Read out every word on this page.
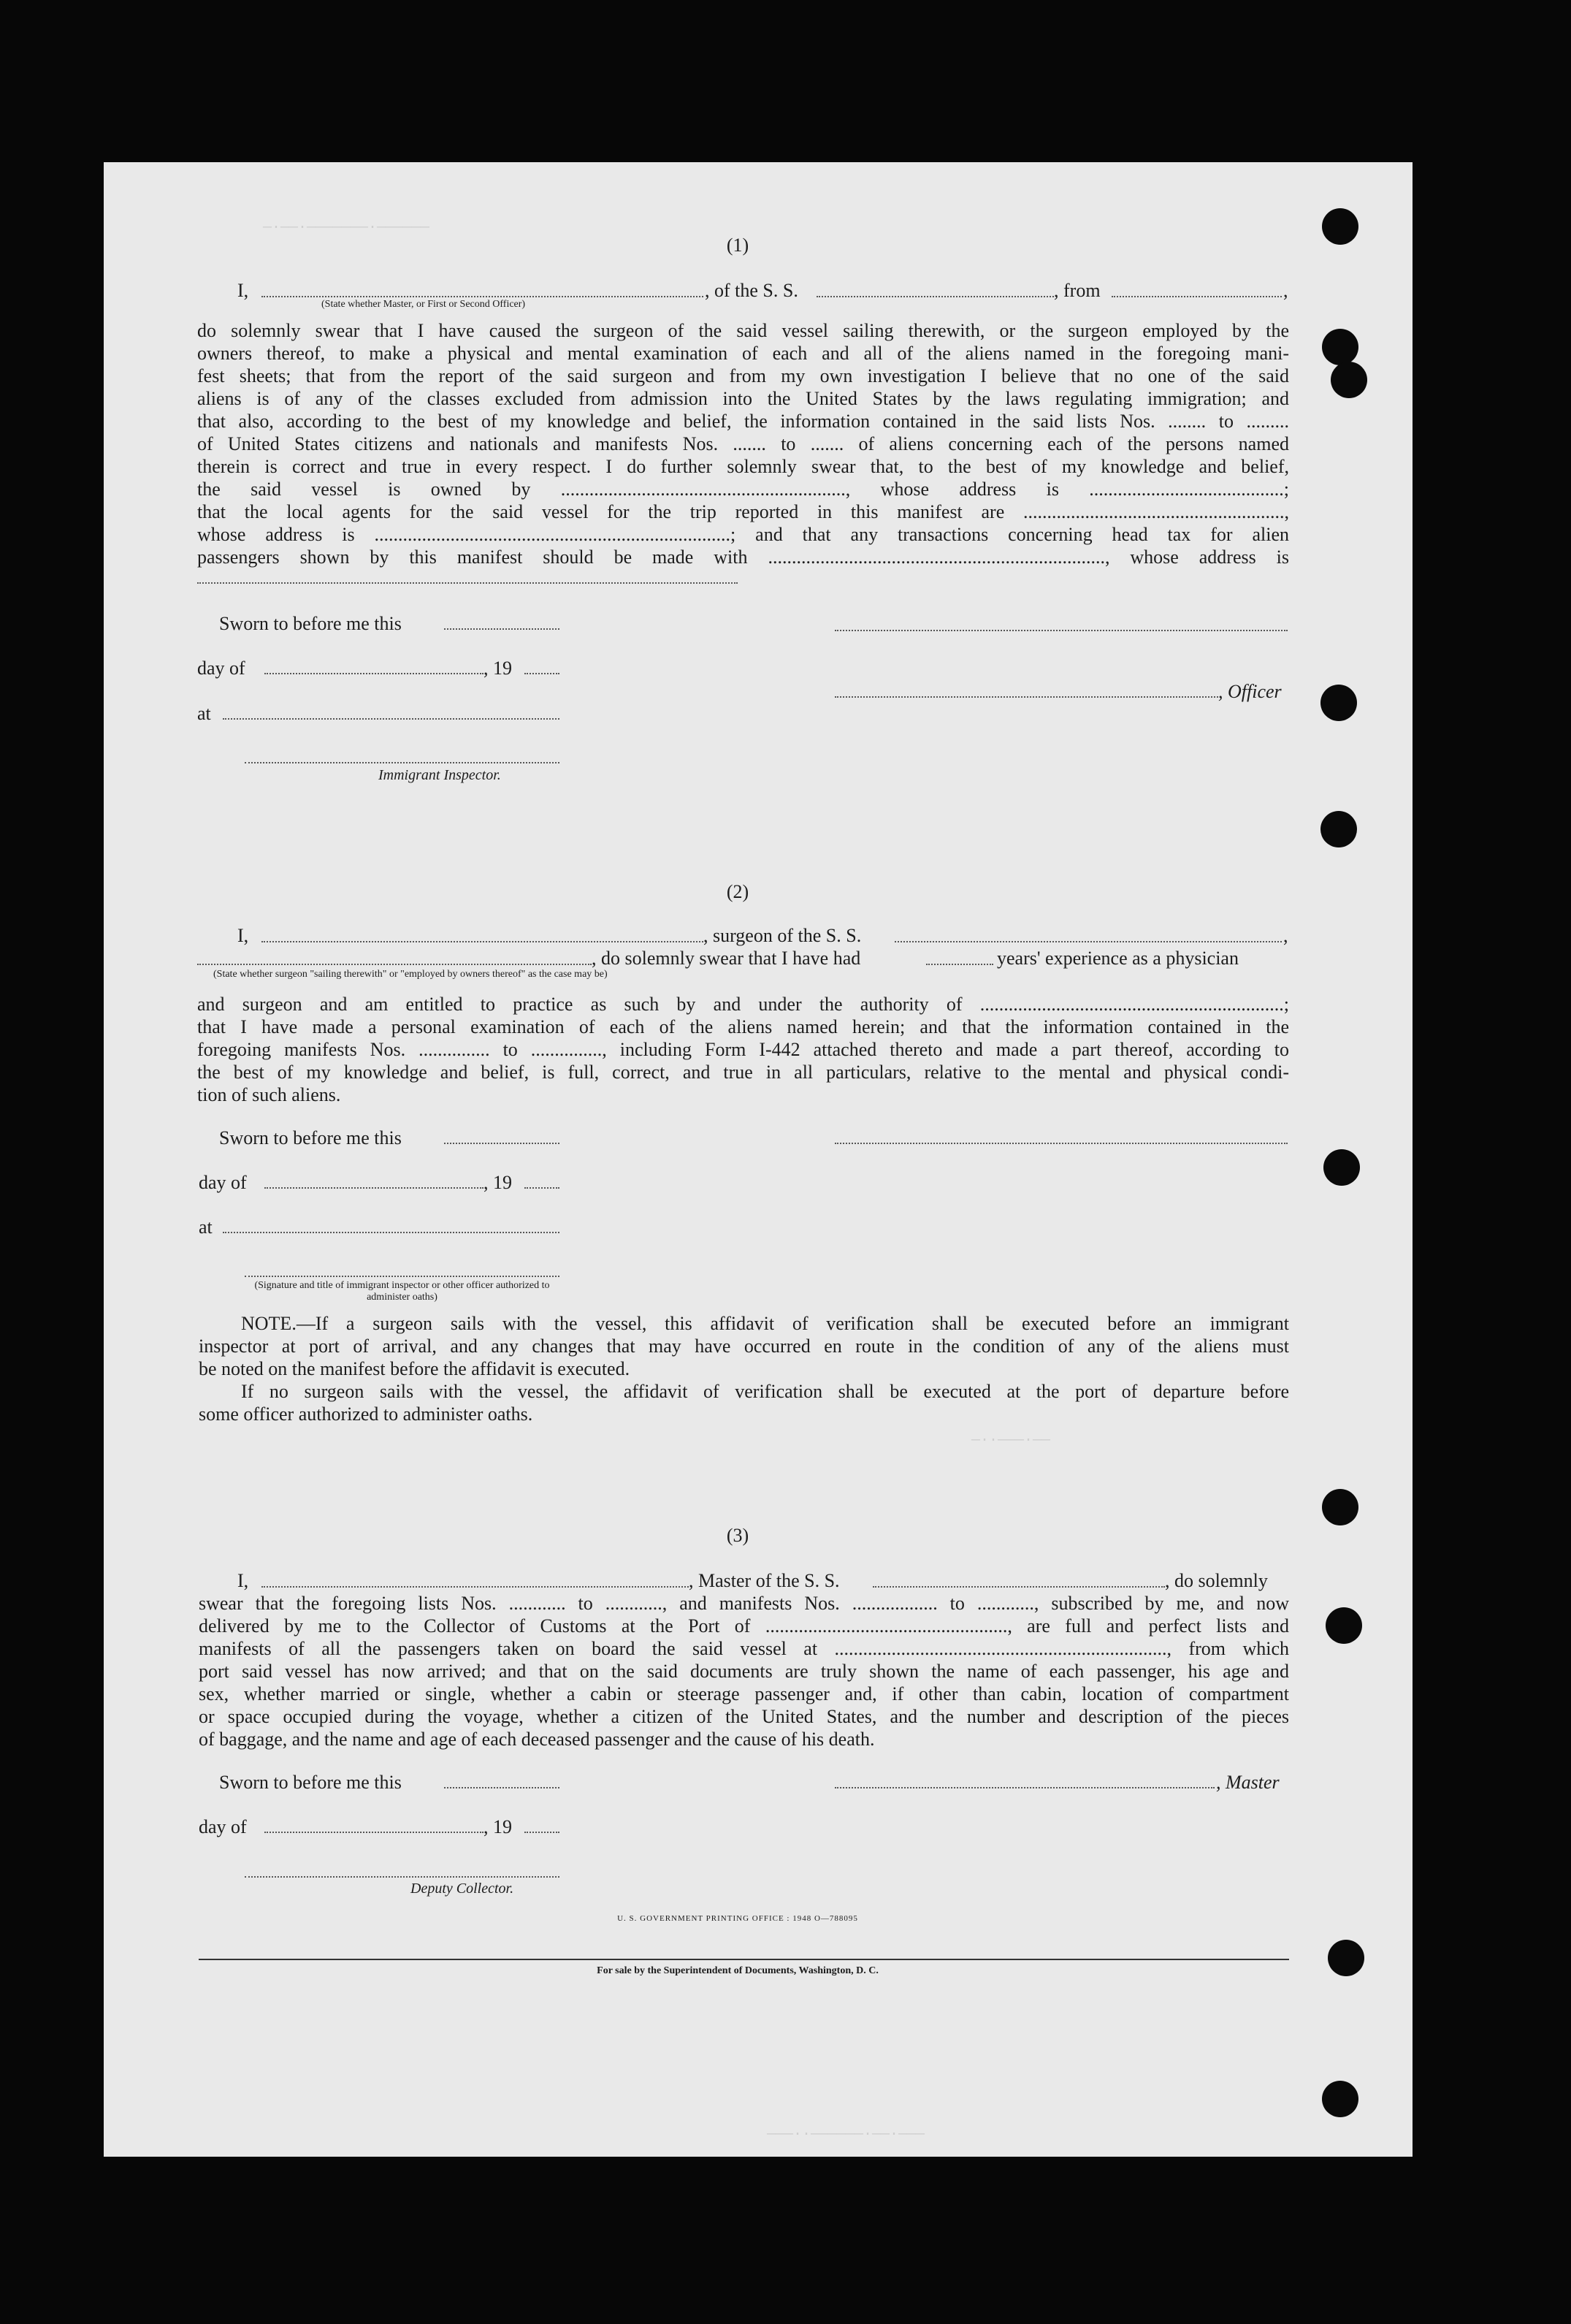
—·——·———————·——————
—··———·——
———··——————·——·———
(1)
I,	, of the S. S.	, from	,
(State whether Master, or First or Second Officer)
do solemnly swear that I have caused the surgeon of the said vessel sailing therewith, or the surgeon employed by the
owners thereof, to make a physical and mental examination of each and all of the aliens named in the foregoing mani-
fest sheets; that from the report of the said surgeon and from my own investigation I believe that no one of the said
aliens is of any of the classes excluded from admission into the United States by the laws regulating immigration; and
that also, according to the best of my knowledge and belief, the information contained in the said lists Nos. ........ to .........
of United States citizens and nationals and manifests Nos. ....... to ....... of aliens concerning each of the persons named
therein is correct and true in every respect. I do further solemnly swear that, to the best of my knowledge and belief,
the said vessel is owned by ............................................................, whose address is .........................................;
that the local agents for the said vessel for the trip reported in this manifest are .......................................................,
whose address is ...........................................................................; and that any transactions concerning head tax for alien
passengers shown by this manifest should be made with ......................................................................., whose address is
Sworn to before me this
day of	, 19
, Officer
at
Immigrant Inspector.
(2)
I,	, surgeon of the S. S.	,
, do solemnly swear that I have had	years' experience as a physician
(State whether surgeon "sailing therewith" or "employed by owners thereof" as the case may be)
and surgeon and am entitled to practice as such by and under the authority of ................................................................;
that I have made a personal examination of each of the aliens named herein; and that the information contained in the
foregoing manifests Nos. ............... to ..............., including Form I-442 attached thereto and made a part thereof, according to
the best of my knowledge and belief, is full, correct, and true in all particulars, relative to the mental and physical condi-
tion of such aliens.
Sworn to before me this
day of	, 19
at
(Signature and title of immigrant inspector or other officer authorized to administer oaths)
NOTE.—If a surgeon sails with the vessel, this affidavit of verification shall be executed before an immigrant
inspector at port of arrival, and any changes that may have occurred en route in the condition of any of the aliens must
be noted on the manifest before the affidavit is executed.
If no surgeon sails with the vessel, the affidavit of verification shall be executed at the port of departure before
some officer authorized to administer oaths.
(3)
I,	, Master of the S. S.	, do solemnly
swear that the foregoing lists Nos. ............ to ............, and manifests Nos. .................. to ............, subscribed by me, and now
delivered by me to the Collector of Customs at the Port of ..................................................., are full and perfect lists and
manifests of all the passengers taken on board the said vessel at ......................................................................, from which
port said vessel has now arrived; and that on the said documents are truly shown the name of each passenger, his age and
sex, whether married or single, whether a cabin or steerage passenger and, if other than cabin, location of compartment
or space occupied during the voyage, whether a citizen of the United States, and the number and description of the pieces
of baggage, and the name and age of each deceased passenger and the cause of his death.
Sworn to before me this	, Master
day of	, 19
Deputy Collector.
U. S. GOVERNMENT PRINTING OFFICE : 1948 O—788095
For sale by the Superintendent of Documents, Washington, D. C.
